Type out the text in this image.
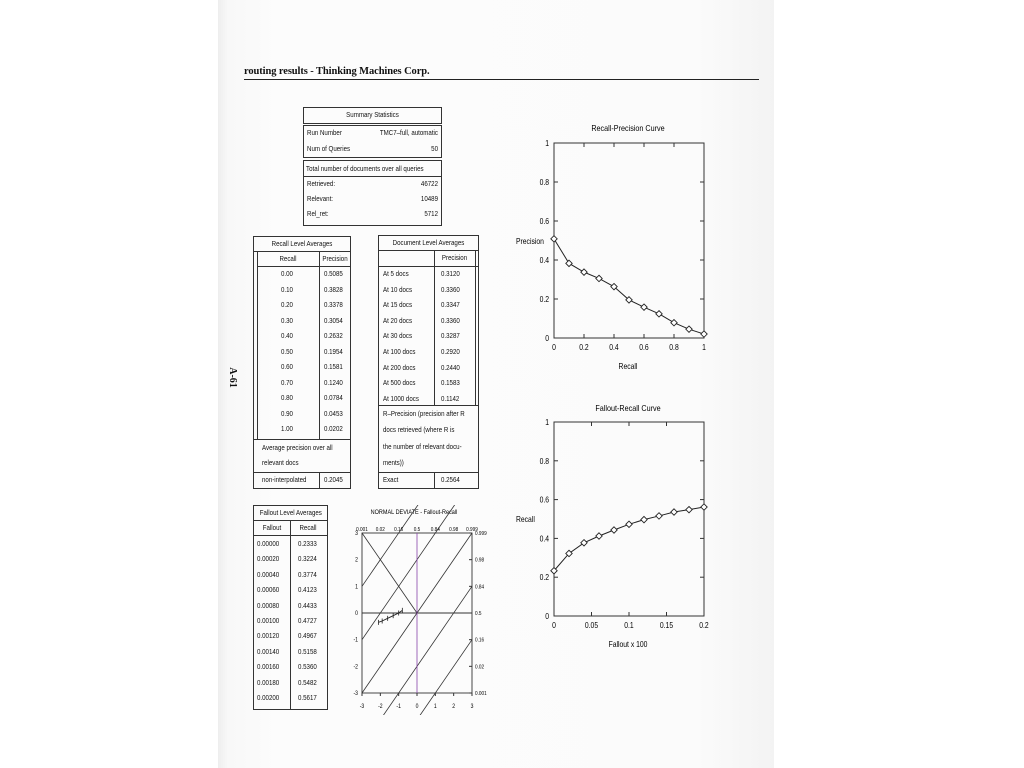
routing results - Thinking Machines Corp.
A-61
Summary Statistics
Run Number	TMC7–full, automatic
Num of Queries	50
Total number of documents over all queries
Retrieved:	46722
Relevant:	10489
Rel_ret:	5712
Recall Level Averages
Recall	Precision
0.00	0.5085
0.10	0.3828
0.20	0.3378
0.30	0.3054
0.40	0.2632
0.50	0.1954
0.60	0.1581
0.70	0.1240
0.80	0.0784
0.90	0.0453
1.00	0.0202
Average precision over all
relevant docs
non-interpolated 0.2045
Document Level Averages
Precision
At 5 docs	0.3120
At 10 docs	0.3360
At 15 docs	0.3347
At 20 docs	0.3360
At 30 docs	0.3287
At 100 docs	0.2920
At 200 docs	0.2440
At 500 docs	0.1583
At 1000 docs	0.1142
R–Precision (precision after R
docs retrieved (where R is
the number of relevant docu-
ments))
Exact	0.2564
Fallout Level Averages
Fallout	Recall
0.00000	0.2333
0.00020	0.3224
0.00040	0.3774
0.00060	0.4123
0.00080	0.4433
0.00100	0.4727
0.00120	0.4967
0.00140	0.5158
0.00160	0.5360
0.00180	0.5482
0.00200	0.5617
Recall-Precision Curve
Precision
Recall
0	0.2	0.4	0.6	0.8	1
0
0.2
0.4
0.6
0.8
1
Fallout-Recall Curve
Recall
Fallout x 100
0	0.05	0.1	0.15	0.2
0
0.2
0.4
0.6
0.8
1
NORMAL DEVIATE - Fallout-Recall
-3 -2 -1 0	1	2	3
-3
-2
-1
0
1
2
3
0.001 0.02 0.16 0.5 0.84 0.98 0.999
0.001
0.02
0.16
0.5
0.84
0.98
0.999
